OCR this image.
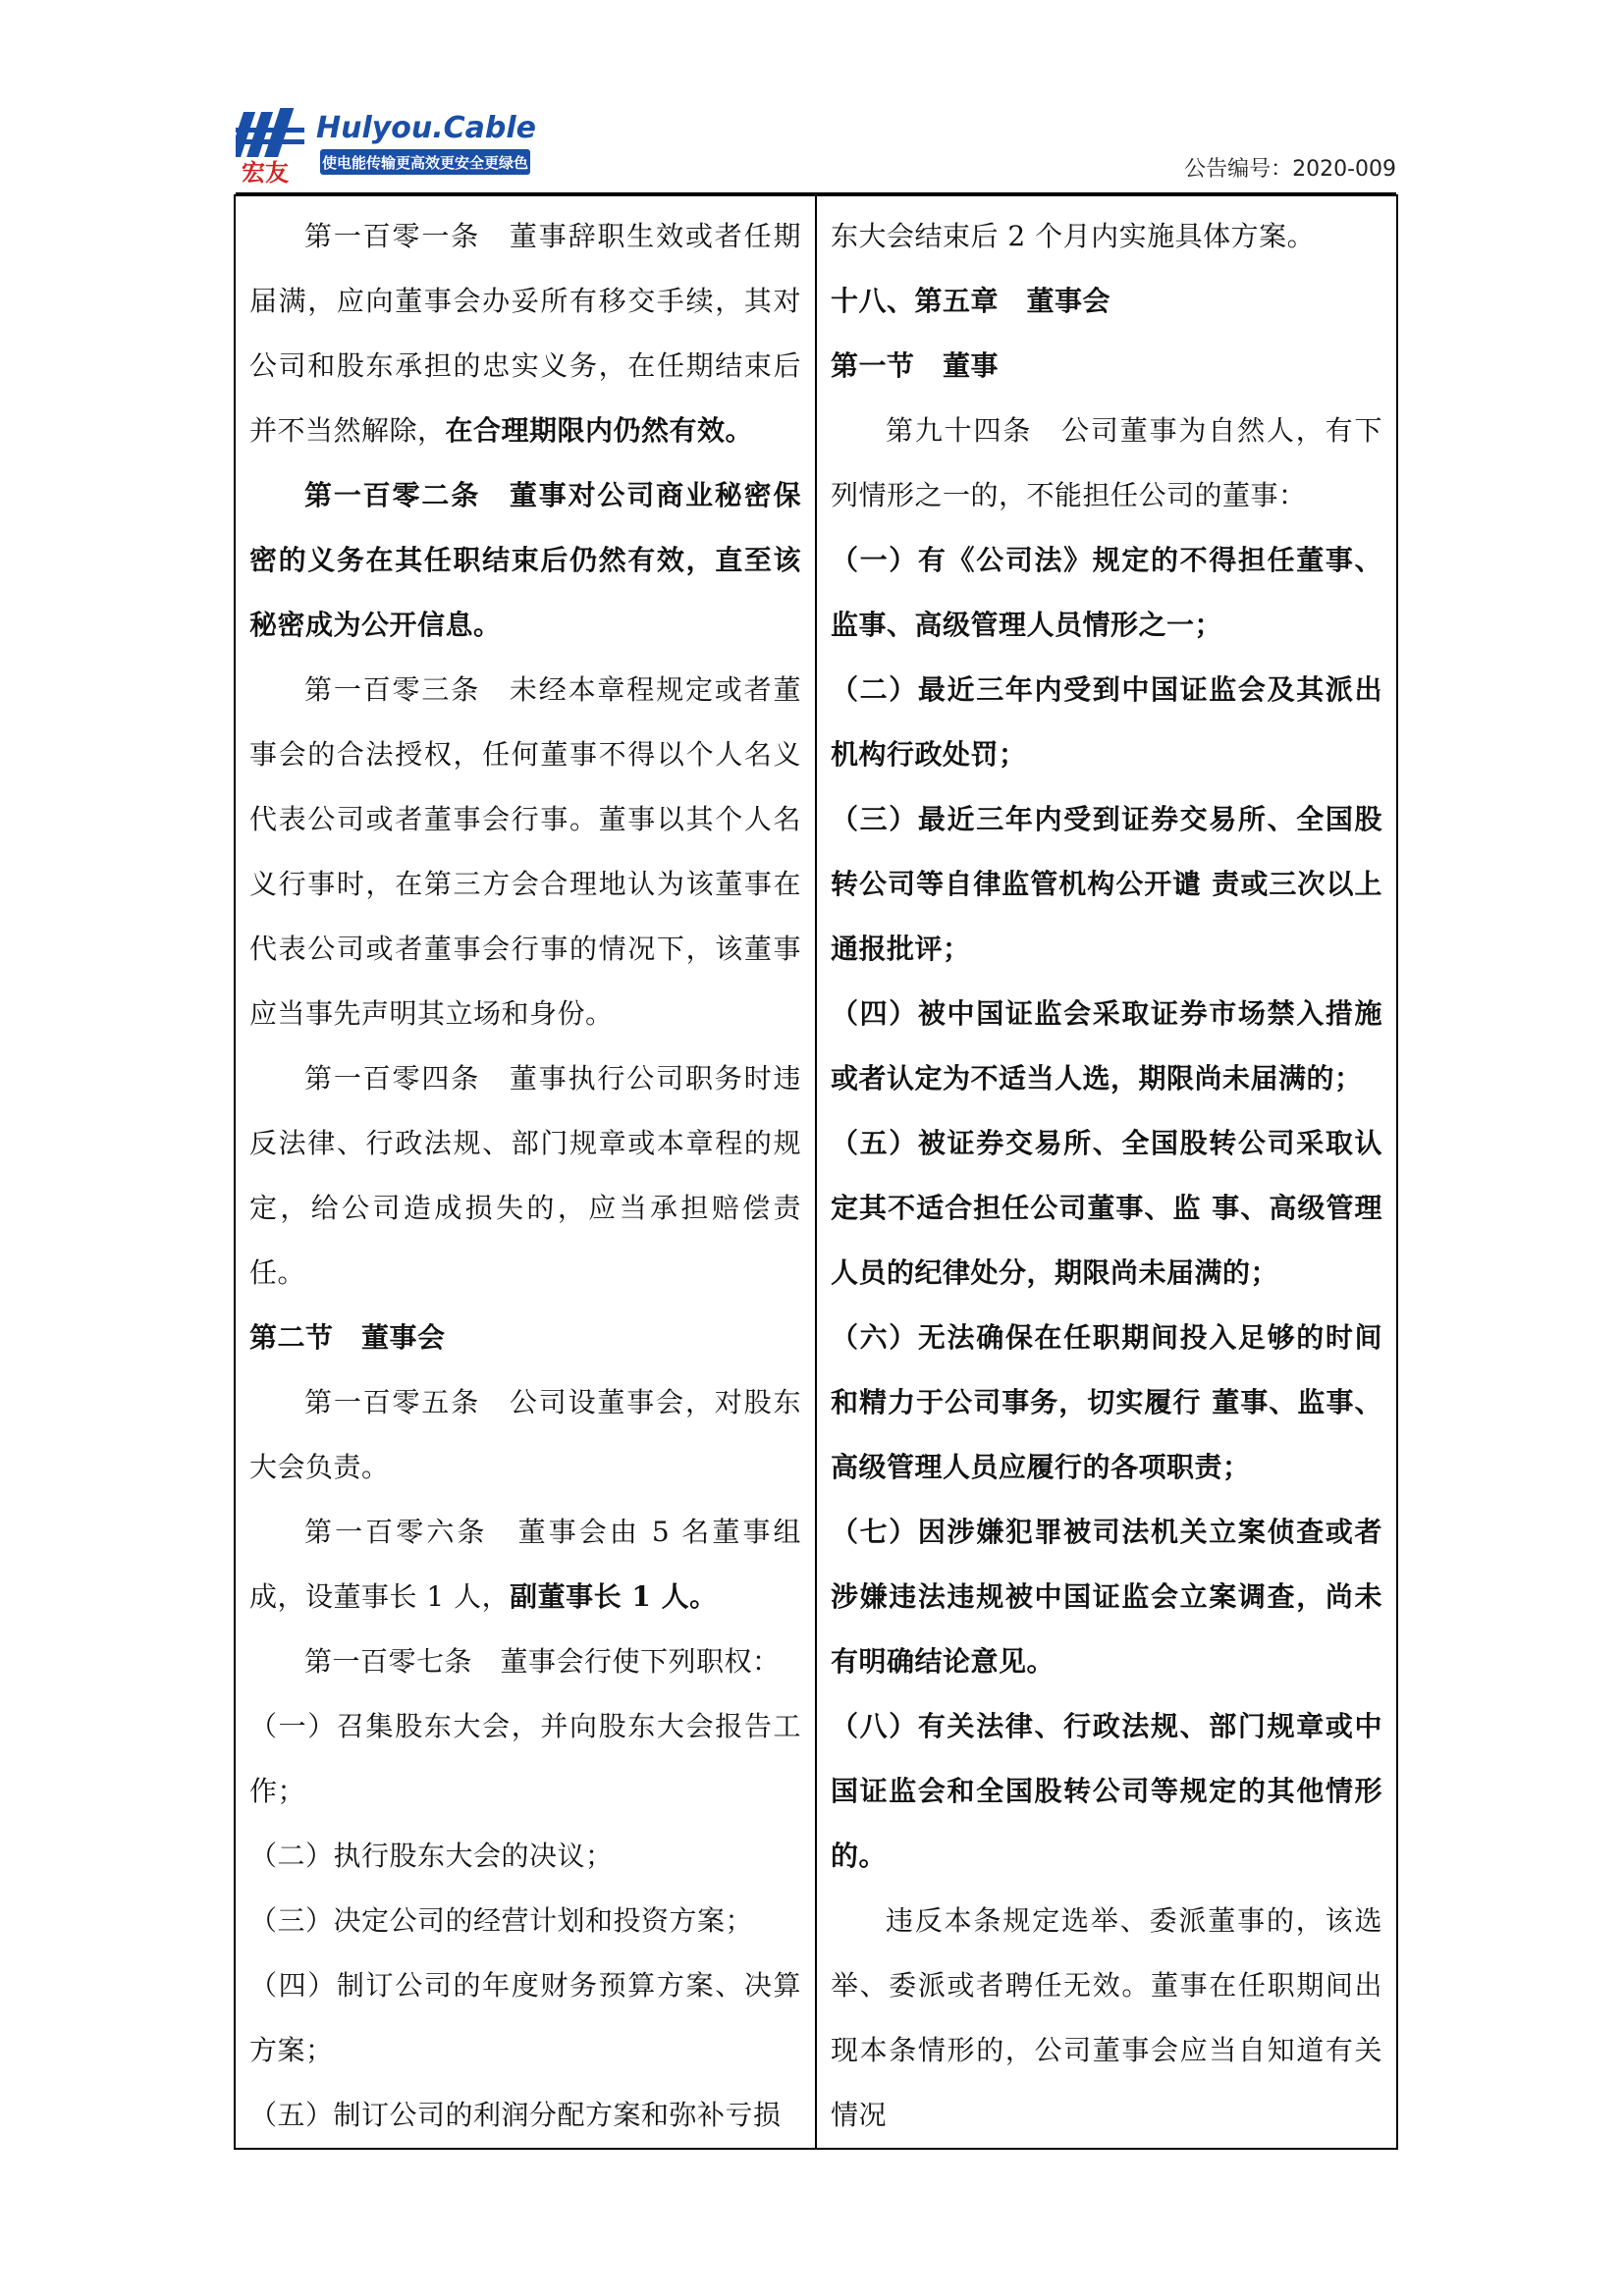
宏友
Hulyou.Cable
使电能传输更高效更安全更绿色	公告编号：2020-009

第一百零一条　董事辞职生效或者任期届满，应向董事会办妥所有移交手续，其对公司和股东承担的忠实义务，在任期结束后并不当然解除，在合理期限内仍然有效。

第一百零二条　董事对公司商业秘密保密的义务在其任职结束后仍然有效，直至该秘密成为公开信息。

第一百零三条　未经本章程规定或者董事会的合法授权，任何董事不得以个人名义代表公司或者董事会行事。董事以其个人名义行事时，在第三方会合理地认为该董事在代表公司或者董事会行事的情况下，该董事应当事先声明其立场和身份。

第一百零四条　董事执行公司职务时违反法律、行政法规、部门规章或本章程的规定，给公司造成损失的，应当承担赔偿责任。

第二节　董事会

第一百零五条　公司设董事会，对股东大会负责。

第一百零六条　董事会由 5 名董事组成，设董事长 1 人，副董事长 1 人。

第一百零七条　董事会行使下列职权：

（一）召集股东大会，并向股东大会报告工作；

（二）执行股东大会的决议；

（三）决定公司的经营计划和投资方案；

（四）制订公司的年度财务预算方案、决算方案；

（五）制订公司的利润分配方案和弥补亏损

东大会结束后 2 个月内实施具体方案。

十八、第五章　董事会

第一节　董事

第九十四条　公司董事为自然人，有下列情形之一的，不能担任公司的董事：

（一）有《公司法》规定的不得担任董事、监事、高级管理人员情形之一；

（二）最近三年内受到中国证监会及其派出机构行政处罚；

（三）最近三年内受到证券交易所、全国股转公司等自律监管机构公开谴 责或三次以上通报批评；

（四）被中国证监会采取证券市场禁入措施或者认定为不适当人选，期限尚未届满的；

（五）被证券交易所、全国股转公司采取认定其不适合担任公司董事、监 事、高级管理人员的纪律处分，期限尚未届满的；

（六）无法确保在任职期间投入足够的时间和精力于公司事务，切实履行 董事、监事、高级管理人员应履行的各项职责；

（七）因涉嫌犯罪被司法机关立案侦查或者涉嫌违法违规被中国证监会立案调查，尚未有明确结论意见。

（八）有关法律、行政法规、部门规章或中国证监会和全国股转公司等规定的其他情形的。

违反本条规定选举、委派董事的，该选举、委派或者聘任无效。董事在任职期间出现本条情形的，公司董事会应当自知道有关情况
